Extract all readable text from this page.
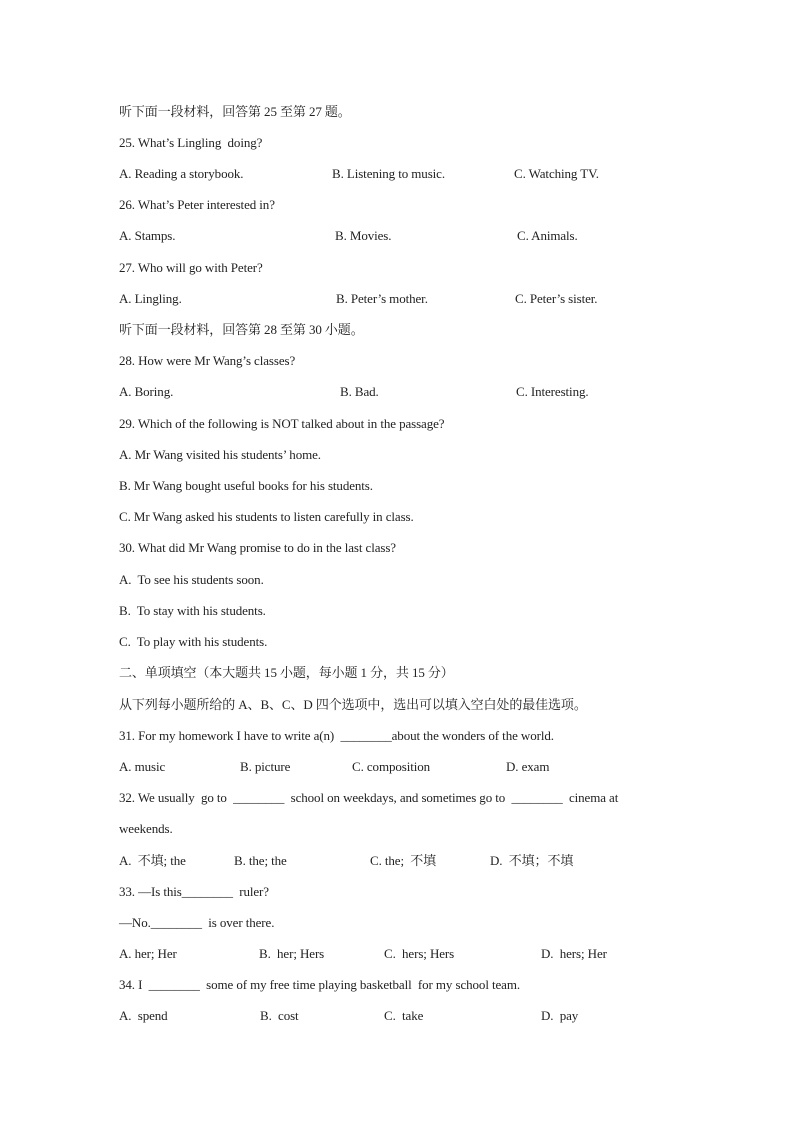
听下面一段材料，回答第 25 至第 27 题。
25. What’s Lingling  doing?
A. Reading a storybook.	B. Listening to music.	C. Watching TV.
26. What’s Peter interested in?
A. Stamps.	B. Movies.	C. Animals.
27. Who will go with Peter?
A. Lingling.	B. Peter’s mother.	C. Peter’s sister.
听下面一段材料，回答第 28 至第 30 小题。
28. How were Mr Wang’s classes?
A. Boring.	B. Bad.	C. Interesting.
29. Which of the following is NOT talked about in the passage?
A. Mr Wang visited his students’ home.
B. Mr Wang bought useful books for his students.
C. Mr Wang asked his students to listen carefully in class.
30. What did Mr Wang promise to do in the last class?
A.  To see his students soon.
B.  To stay with his students.
C.  To play with his students.
二、单项填空（本大题共 15 小题，每小题 1 分，共 15 分）
从下列每小题所给的 A、B、C、D 四个选项中，选出可以填入空白处的最佳选项。
31. For my homework I have to write a(n)  ________about the wonders of the world.
A. music	B. picture	C. composition	D. exam
32. We usually  go to  ________  school on weekdays, and sometimes go to  ________  cinema at
weekends.
A.  不填; the	B. the; the	C. the;  不填	D.  不填；不填
33. —Is this________  ruler?
—No.________  is over there.
A. her; Her	B.  her; Hers	C.  hers; Hers	D.  hers; Her
34. I  ________  some of my free time playing basketball  for my school team.
A.  spend	B.  cost	C.  take	D.  pay
